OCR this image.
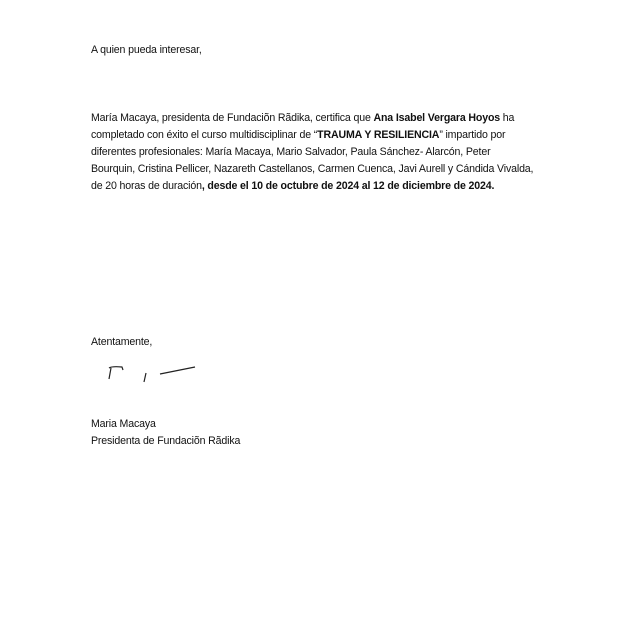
A quien pueda interesar,
María Macaya, presidenta de Fundaciõn Rãdika, certifica que Ana Isabel Vergara Hoyos ha
completado con éxito el curso multidisciplinar de “TRAUMA Y RESILIENCIA” impartido por
diferentes profesionales: María Macaya, Mario Salvador, Paula Sánchez- Alarcón, Peter
Bourquin, Cristina Pellicer, Nazareth Castellanos, Carmen Cuenca, Javi Aurell y Cándida Vivalda,
de 20 horas de duración, desde el 10 de octubre de 2024 al 12 de diciembre de 2024.
Atentamente,
Maria Macaya
Presidenta de Fundaciõn Rãdika
